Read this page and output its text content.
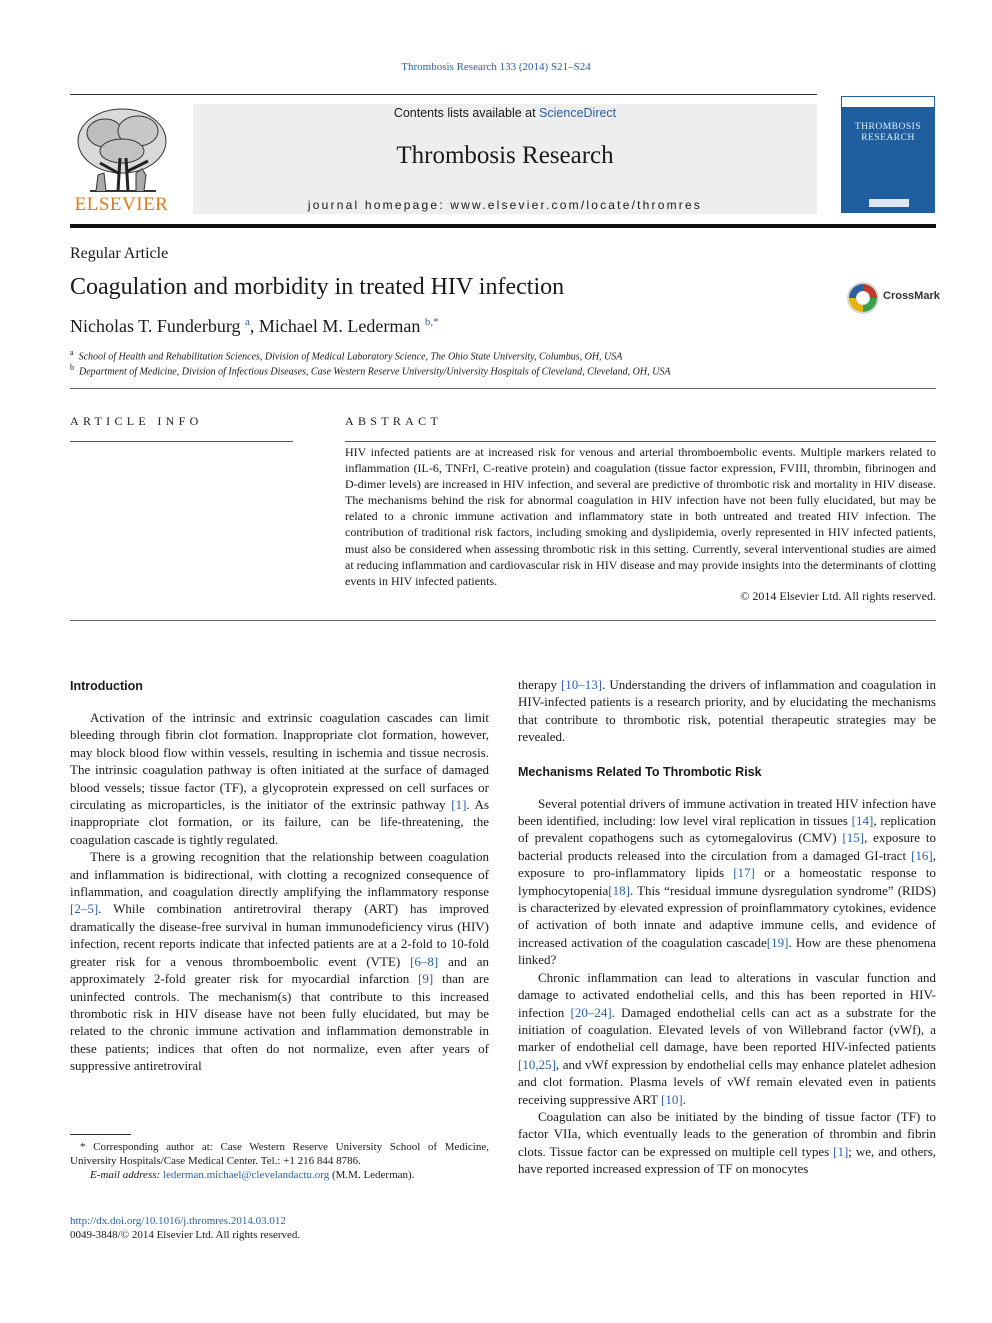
Thrombosis Research 133 (2014) S21–S24
Contents lists available at ScienceDirect
Thrombosis Research
journal homepage: www.elsevier.com/locate/thromres
ELSEVIER
THROMBOSIS
RESEARCH
Regular Article
Coagulation and morbidity in treated HIV infection
Nicholas T. Funderburg $^a$, Michael M. Lederman $^{b,*}$
CrossMark
$^a$ School of Health and Rehabilitation Sciences, Division of Medical Laboratory Science, The Ohio State University, Columbus, OH, USA
$^b$ Department of Medicine, Division of Infectious Diseases, Case Western Reserve University/University Hospitals of Cleveland, Cleveland, OH, USA
ARTICLE INFO	ABSTRACT
HIV infected patients are at increased risk for venous and arterial thromboembolic events. Multiple markers related to inflammation (IL-6, TNFrI, C-reative protein) and coagulation (tissue factor expression, FVIII, thrombin, fibrinogen and D-dimer levels) are increased in HIV infection, and several are predictive of thrombotic risk and mortality in HIV disease. The mechanisms behind the risk for abnormal coagulation in HIV infection have not been fully elucidated, but may be related to a chronic immune activation and inflammatory state in both untreated and treated HIV infection. The contribution of traditional risk factors, including smoking and dyslipidemia, overly represented in HIV infected patients, must also be considered when assessing thrombotic risk in this setting. Currently, several interventional studies are aimed at reducing inflammation and cardiovascular risk in HIV disease and may provide insights into the determinants of clotting events in HIV infected patients.
© 2014 Elsevier Ltd. All rights reserved.

Introduction

Activation of the intrinsic and extrinsic coagulation cascades can limit bleeding through fibrin clot formation. Inappropriate clot formation, however, may block blood flow within vessels, resulting in ischemia and tissue necrosis. The intrinsic coagulation pathway is often initiated at the surface of damaged blood vessels; tissue factor (TF), a glycoprotein expressed on cell surfaces or circulating as microparticles, is the initiator of the extrinsic pathway [1]. As inappropriate clot formation, or its failure, can be life-threatening, the coagulation cascade is tightly regulated.

There is a growing recognition that the relationship between coagulation and inflammation is bidirectional, with clotting a recognized consequence of inflammation, and coagulation directly amplifying the inflammatory response [2–5]. While combination antiretroviral therapy (ART) has improved dramatically the disease-free survival in human immunodeficiency virus (HIV) infection, recent reports indicate that infected patients are at a 2-fold to 10-fold greater risk for a venous thromboembolic event (VTE) [6–8] and an approximately 2-fold greater risk for myocardial infarction [9] than are uninfected controls. The mechanism(s) that contribute to this increased thrombotic risk in HIV disease have not been fully elucidated, but may be related to the chronic immune activation and inflammation demonstrable in these patients; indices that often do not normalize, even after years of suppressive antiretroviral

therapy [10–13]. Understanding the drivers of inflammation and coagulation in HIV-infected patients is a research priority, and by elucidating the mechanisms that contribute to thrombotic risk, potential therapeutic strategies may be revealed.

Mechanisms Related To Thrombotic Risk

Several potential drivers of immune activation in treated HIV infection have been identified, including: low level viral replication in tissues [14], replication of prevalent copathogens such as cytomegalovirus (CMV) [15], exposure to bacterial products released into the circulation from a damaged GI-tract [16], exposure to pro-inflammatory lipids [17] or a homeostatic response to lymphocytopenia[18]. This “residual immune dysregulation syndrome” (RIDS) is characterized by elevated expression of proinflammatory cytokines, evidence of activation of both innate and adaptive immune cells, and evidence of increased activation of the coagulation cascade[19]. How are these phenomena linked?

Chronic inflammation can lead to alterations in vascular function and damage to activated endothelial cells, and this has been reported in HIV-infection [20–24]. Damaged endothelial cells can act as a substrate for the initiation of coagulation. Elevated levels of von Willebrand factor (vWf), a marker of endothelial cell damage, have been reported HIV-infected patients [10,25], and vWf expression by endothelial cells may enhance platelet adhesion and clot formation. Plasma levels of vWf remain elevated even in patients receiving suppressive ART [10].

Coagulation can also be initiated by the binding of tissue factor (TF) to factor VIIa, which eventually leads to the generation of thrombin and fibrin clots. Tissue factor can be expressed on multiple cell types [1]; we, and others, have reported increased expression of TF on monocytes

* Corresponding author at: Case Western Reserve University School of Medicine, University Hospitals/Case Medical Center. Tel.: +1 216 844 8786.
E-mail address: lederman.michael@clevelandactu.org (M.M. Lederman).
http://dx.doi.org/10.1016/j.thromres.2014.03.012
0049-3848/© 2014 Elsevier Ltd. All rights reserved.
